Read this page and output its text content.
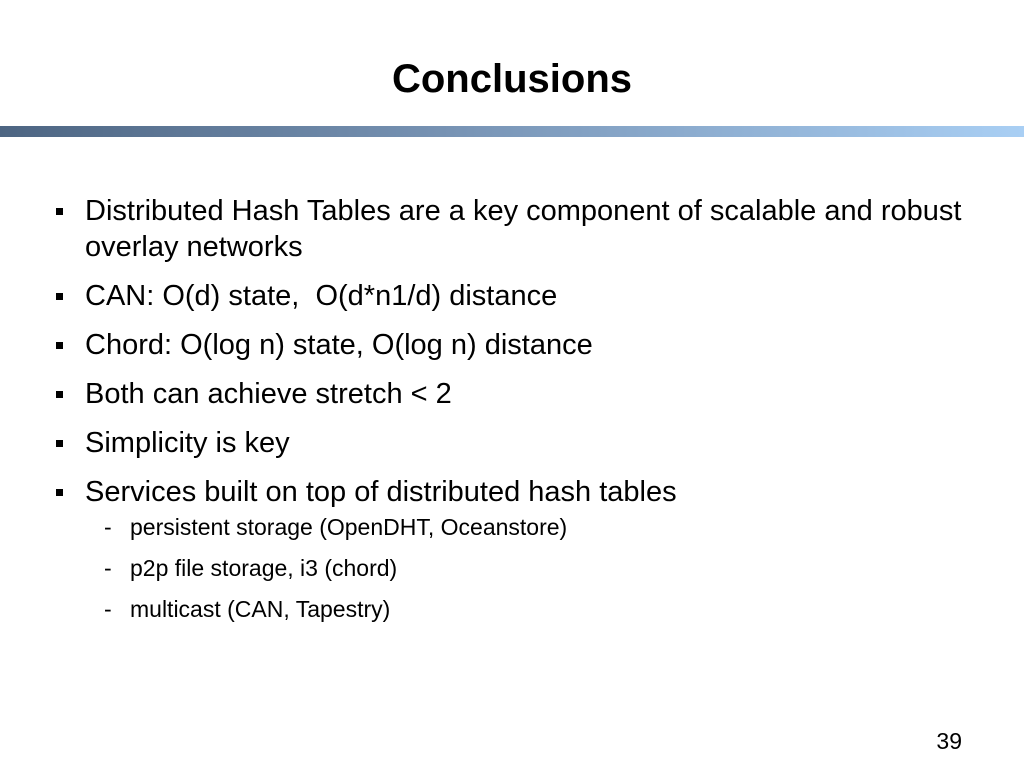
Conclusions
Distributed Hash Tables are a key component of scalable and robust overlay networks
CAN: O(d) state,  O(d*n1/d) distance
Chord: O(log n) state, O(log n) distance
Both can achieve stretch < 2
Simplicity is key
Services built on top of distributed hash tables
- persistent storage (OpenDHT, Oceanstore)
- p2p file storage, i3 (chord)
- multicast (CAN, Tapestry)
39
